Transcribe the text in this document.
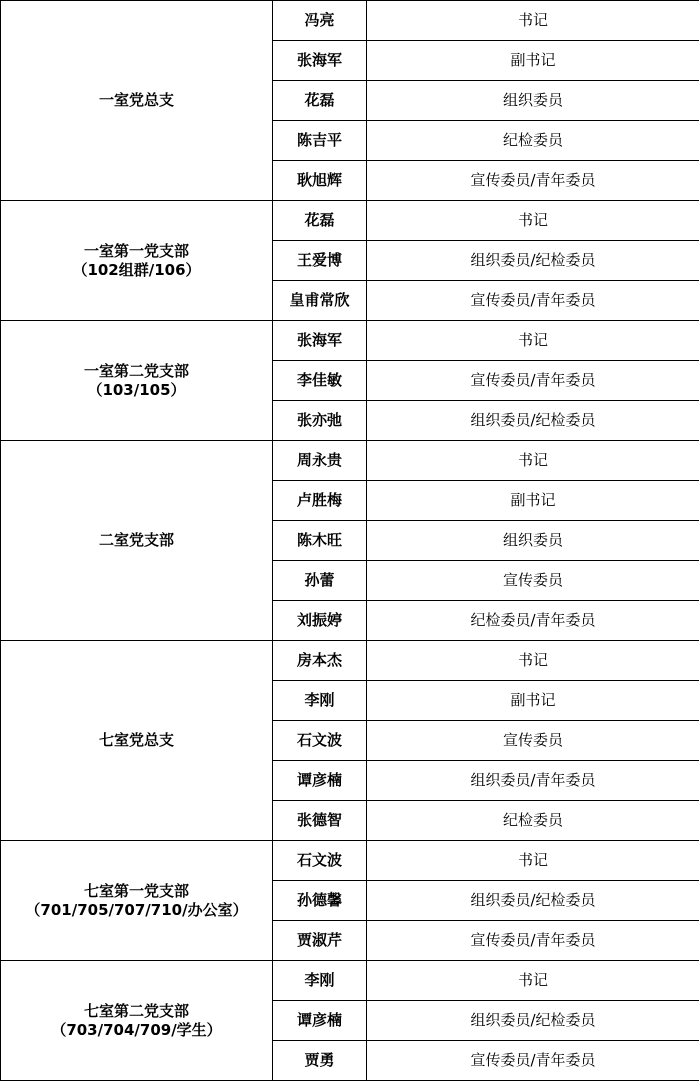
一室党总支	冯亮	书记
	张海军	副书记
	花磊	组织委员
	陈吉平	纪检委员
	耿旭辉	宣传委员/青年委员

一室第一党支部
（102组群/106）	花磊	书记
	王爱博	组织委员/纪检委员
	皇甫常欣	宣传委员/青年委员

一室第二党支部
（103/105）	张海军	书记
	李佳敏	宣传委员/青年委员
	张亦弛	组织委员/纪检委员

二室党支部	周永贵	书记
	卢胜梅	副书记
	陈木旺	组织委员
	孙蕾	宣传委员
	刘振婷	纪检委员/青年委员

七室党总支	房本杰	书记
	李刚	副书记
	石文波	宣传委员
	谭彦楠	组织委员/青年委员
	张德智	纪检委员

七室第一党支部
（701/705/707/710/办公室）	石文波	书记
	孙德馨	组织委员/纪检委员
	贾淑芹	宣传委员/青年委员

七室第二党支部
（703/704/709/学生）	李刚	书记
	谭彦楠	组织委员/纪检委员
	贾勇	宣传委员/青年委员
